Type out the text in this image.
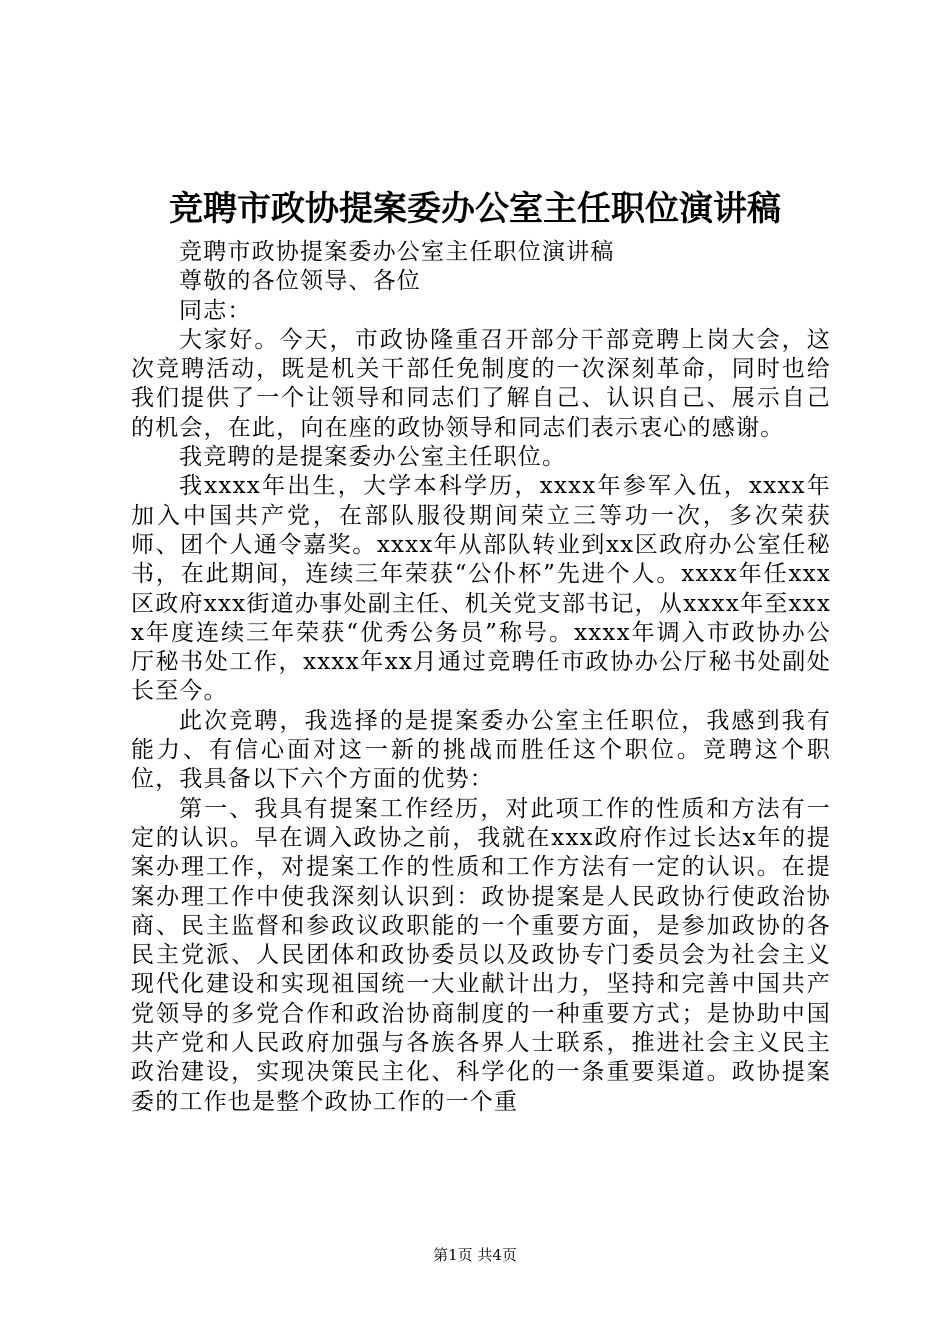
竞聘市政协提案委办公室主任职位演讲稿

竞聘市政协提案委办公室主任职位演讲稿

尊敬的各位领导、各位

同志：

大家好。今天，市政协隆重召开部分干部竞聘上岗大会，这次竞聘活动，既是机关干部任免制度的一次深刻革命，同时也给我们提供了一个让领导和同志们了解自己、认识自己、展示自己的机会，在此，向在座的政协领导和同志们表示衷心的感谢。

我竞聘的是提案委办公室主任职位。

我xxxx年出生，大学本科学历，xxxx年参军入伍，xxxx年加入中国共产党，在部队服役期间荣立三等功一次，多次荣获师、团个人通令嘉奖。xxxx年从部队转业到xx区政府办公室任秘书，在此期间，连续三年荣获“公仆杯”先进个人。xxxx年任xxx区政府xxx街道办事处副主任、机关党支部书记，从xxxx年至xxxx年度连续三年荣获“优秀公务员”称号。xxxx年调入市政协办公厅秘书处工作，xxxx年xx月通过竞聘任市政协办公厅秘书处副处长至今。

此次竞聘，我选择的是提案委办公室主任职位，我感到我有能力、有信心面对这一新的挑战而胜任这个职位。竞聘这个职位，我具备以下六个方面的优势：

第一、我具有提案工作经历，对此项工作的性质和方法有一定的认识。早在调入政协之前，我就在xxx政府作过长达x年的提案办理工作，对提案工作的性质和工作方法有一定的认识。在提案办理工作中使我深刻认识到：政协提案是人民政协行使政治协商、民主监督和参政议政职能的一个重要方面，是参加政协的各民主党派、人民团体和政协委员以及政协专门委员会为社会主义现代化建设和实现祖国统一大业献计出力，坚持和完善中国共产党领导的多党合作和政治协商制度的一种重要方式；是协助中国共产党和人民政府加强与各族各界人士联系，推进社会主义民主政治建设，实现决策民主化、科学化的一条重要渠道。政协提案委的工作也是整个政协工作的一个重

第1页 共4页
